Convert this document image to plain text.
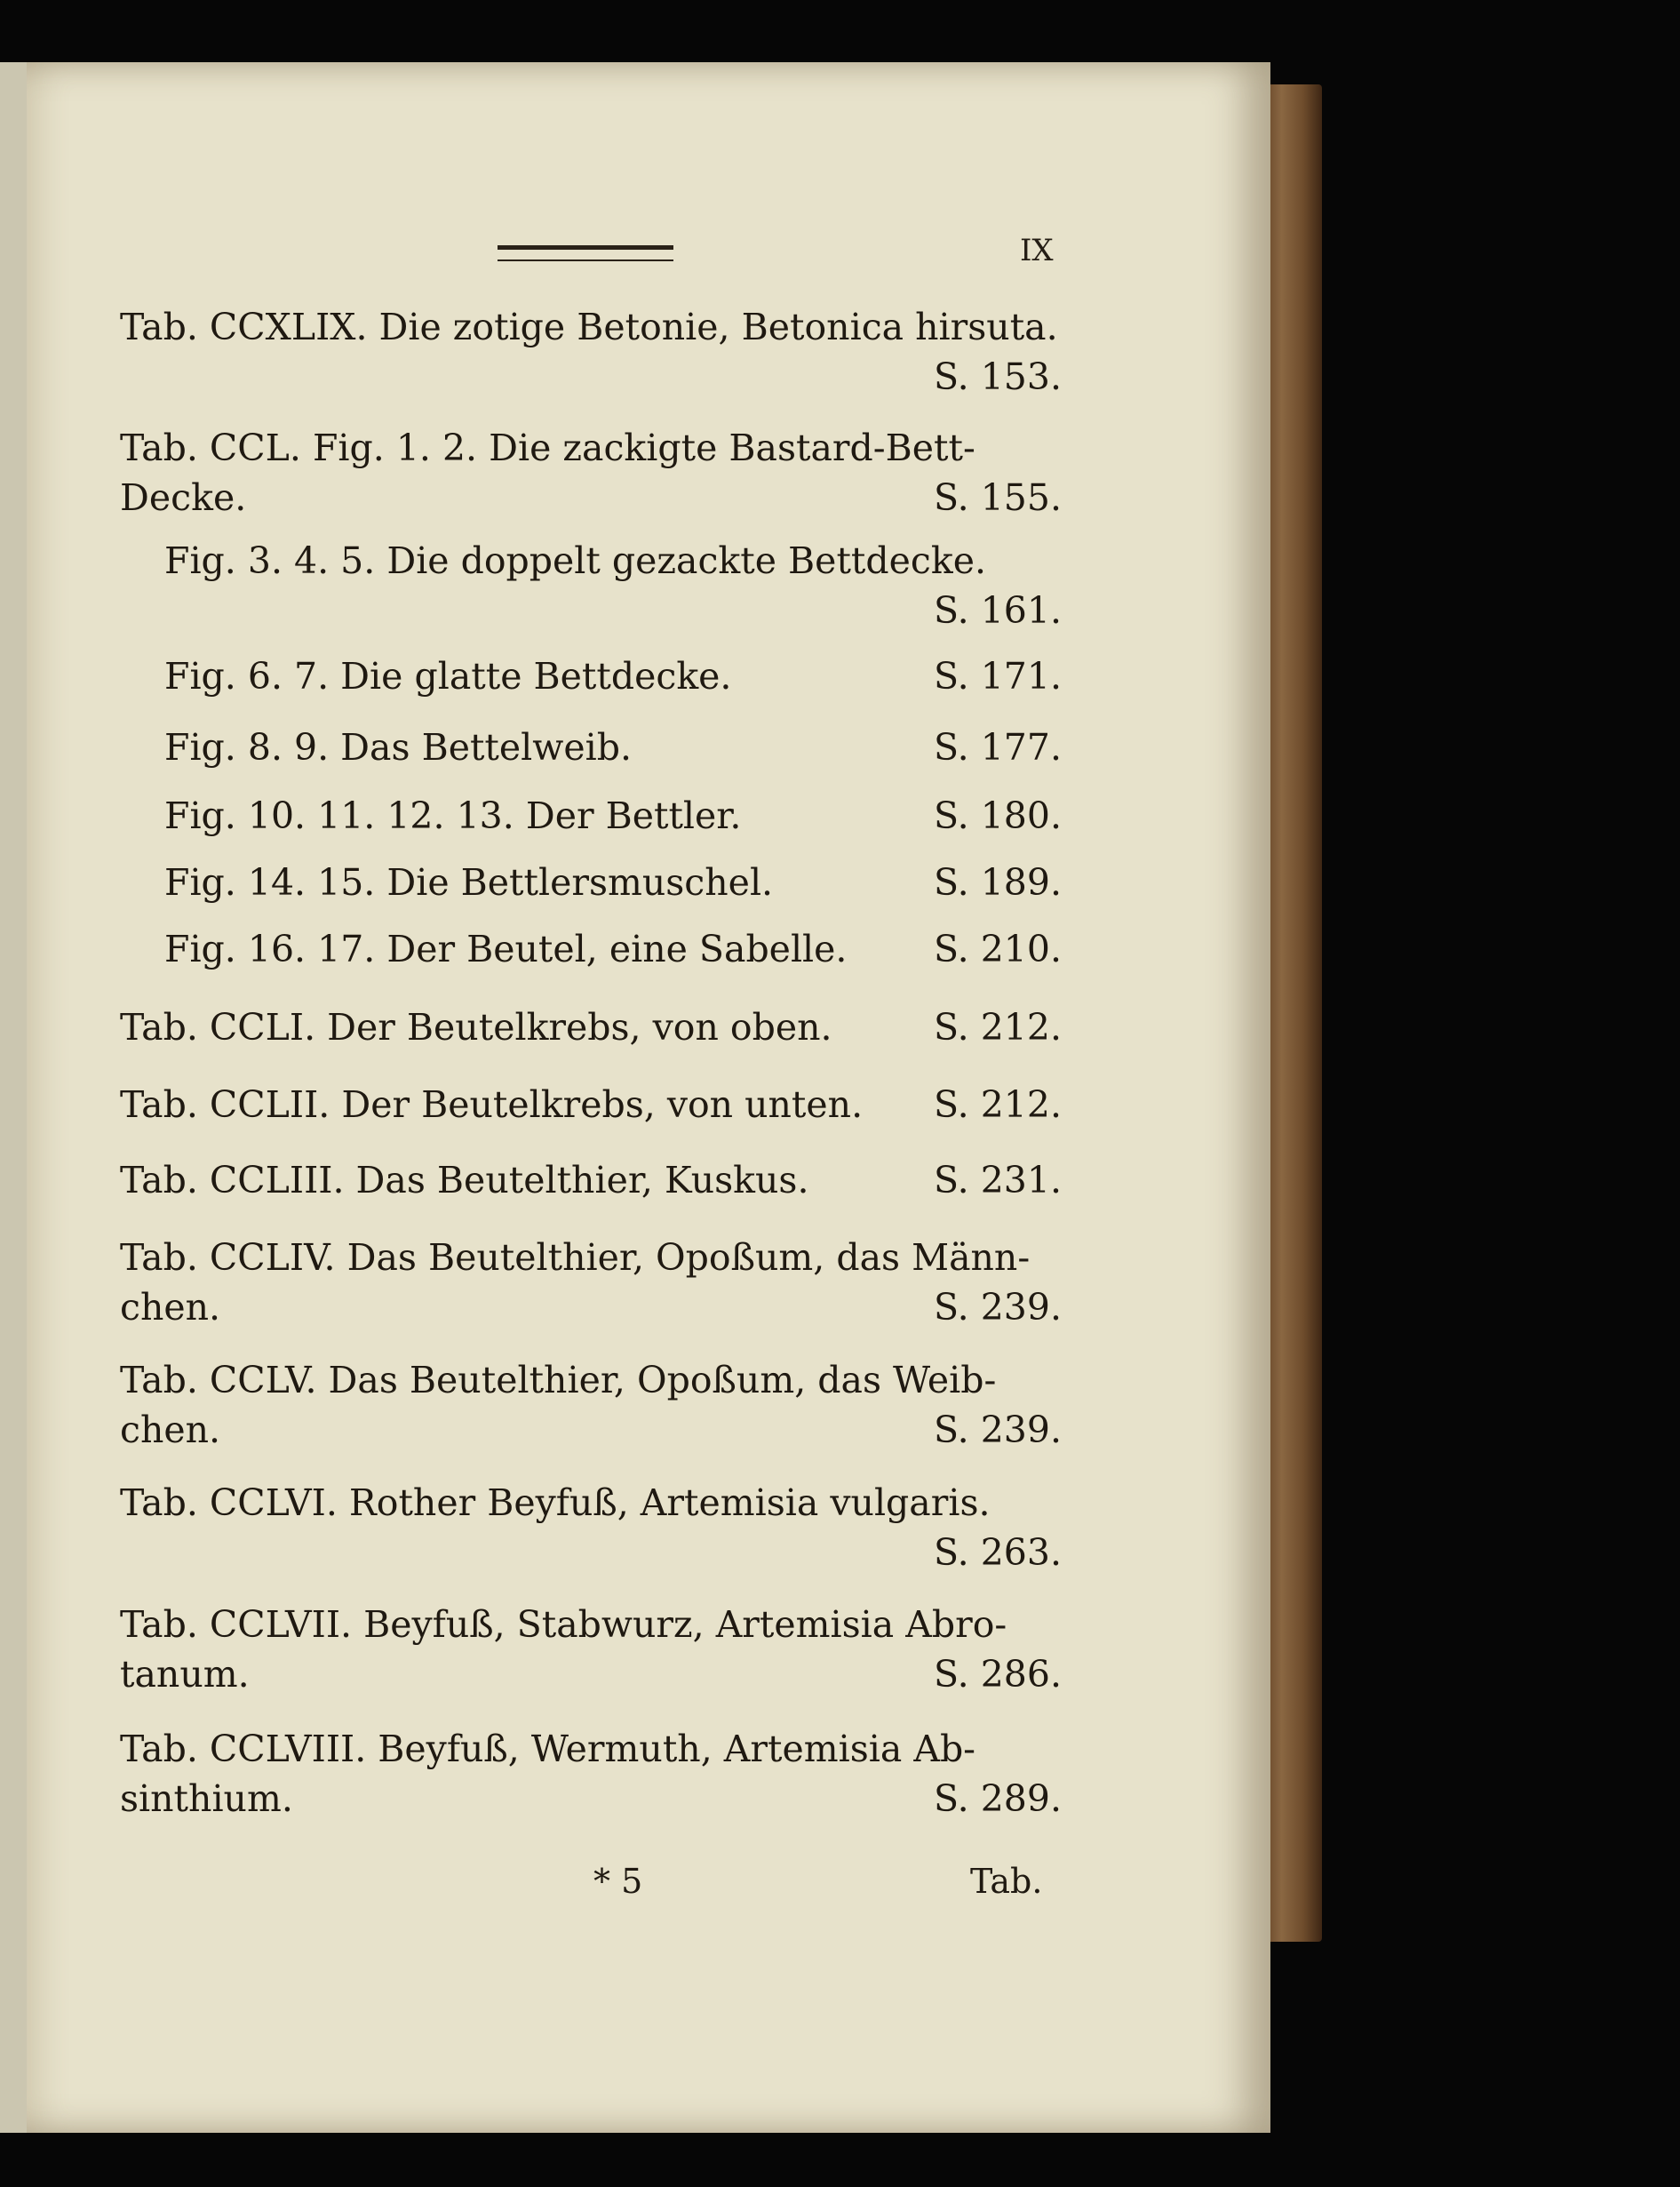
IX
Tab. CCXLIX. Die zotige Betonie, Betonica hirsuta.
S. 153.
Tab. CCL. Fig. 1. 2. Die zackigte Bastard-Bett-
Decke.	S. 155.
Fig. 3. 4. 5. Die doppelt gezackte Bettdecke.
S. 161.
Fig. 6. 7. Die glatte Bettdecke.	S. 171.
Fig. 8. 9. Das Bettelweib.	S. 177.
Fig. 10. 11. 12. 13. Der Bettler.	S. 180.
Fig. 14. 15. Die Bettlersmuschel.	S. 189.
Fig. 16. 17. Der Beutel, eine Sabelle. S. 210.
Tab. CCLI. Der Beutelkrebs, von oben.	S. 212.
Tab. CCLII. Der Beutelkrebs, von unten. S. 212.
Tab. CCLIII. Das Beutelthier, Kuskus.	S. 231.
Tab. CCLIV. Das Beutelthier, Opoßum, das Männ-
chen.	S. 239.
Tab. CCLV. Das Beutelthier, Opoßum, das Weib-
chen.	S. 239.
Tab. CCLVI. Rother Beyfuß, Artemisia vulgaris.
S. 263.
Tab. CCLVII. Beyfuß, Stabwurz, Artemisia Abro-
tanum.	S. 286.
Tab. CCLVIII. Beyfuß, Wermuth, Artemisia Ab-
sinthium.	S. 289.
* 5	Tab.
